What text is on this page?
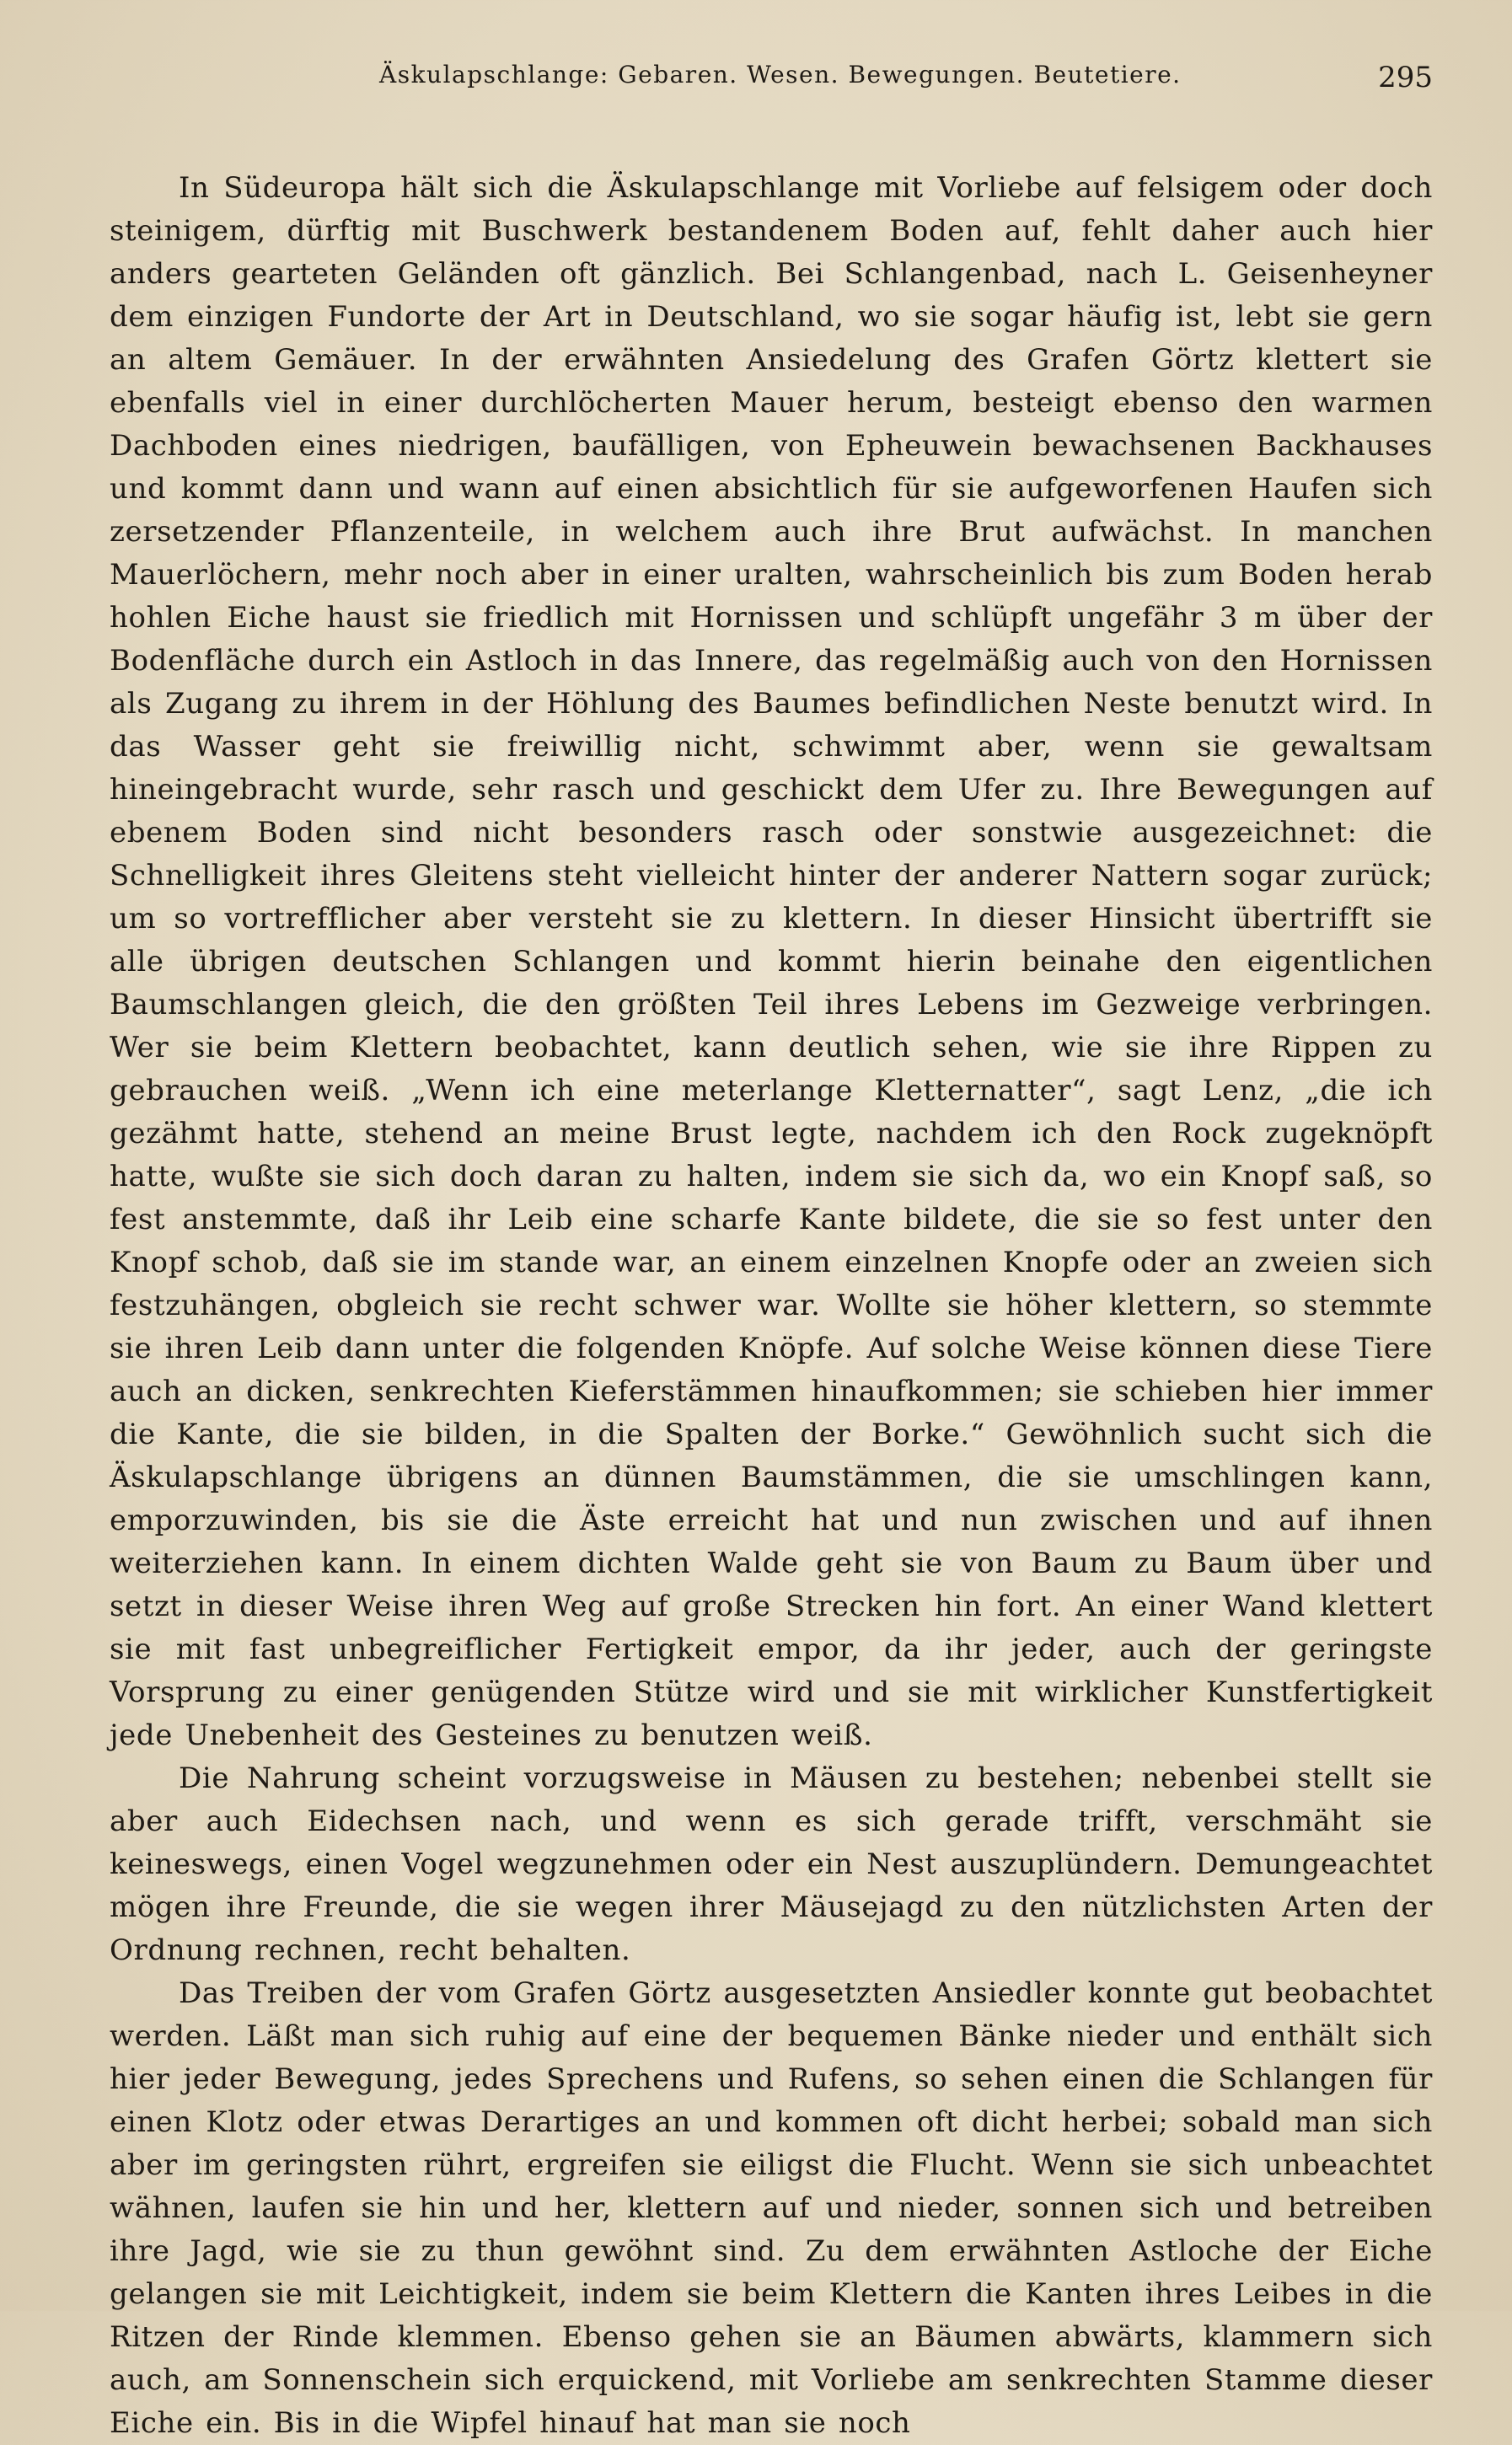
Äskulapschlange: Gebaren. Wesen. Bewegungen. Beutetiere.	295

In Südeuropa hält sich die Äskulapschlange mit Vorliebe auf felsigem oder doch steinigem, dürftig mit Buschwerk bestandenem Boden auf, fehlt daher auch hier anders gearteten Geländen oft gänzlich. Bei Schlangenbad, nach L. Geisenheyner dem einzigen Fundorte der Art in Deutschland, wo sie sogar häufig ist, lebt sie gern an altem Gemäuer. In der erwähnten Ansiedelung des Grafen Görtz klettert sie ebenfalls viel in einer durchlöcherten Mauer herum, besteigt ebenso den warmen Dachboden eines niedrigen, baufälligen, von Epheuwein bewachsenen Backhauses und kommt dann und wann auf einen absichtlich für sie aufgeworfenen Haufen sich zersetzender Pflanzenteile, in welchem auch ihre Brut aufwächst. In manchen Mauerlöchern, mehr noch aber in einer uralten, wahrscheinlich bis zum Boden herab hohlen Eiche haust sie friedlich mit Hornissen und schlüpft ungefähr 3 m über der Bodenfläche durch ein Astloch in das Innere, das regelmäßig auch von den Hornissen als Zugang zu ihrem in der Höhlung des Baumes befindlichen Neste benutzt wird. In das Wasser geht sie freiwillig nicht, schwimmt aber, wenn sie gewaltsam hineingebracht wurde, sehr rasch und geschickt dem Ufer zu. Ihre Bewegungen auf ebenem Boden sind nicht besonders rasch oder sonstwie ausgezeichnet: die Schnelligkeit ihres Gleitens steht vielleicht hinter der anderer Nattern sogar zurück; um so vortrefflicher aber versteht sie zu klettern. In dieser Hinsicht übertrifft sie alle übrigen deutschen Schlangen und kommt hierin beinahe den eigentlichen Baumschlangen gleich, die den größten Teil ihres Lebens im Gezweige verbringen. Wer sie beim Klettern beobachtet, kann deutlich sehen, wie sie ihre Rippen zu gebrauchen weiß. „Wenn ich eine meterlange Kletternatter“, sagt Lenz, „die ich gezähmt hatte, stehend an meine Brust legte, nachdem ich den Rock zugeknöpft hatte, wußte sie sich doch daran zu halten, indem sie sich da, wo ein Knopf saß, so fest anstemmte, daß ihr Leib eine scharfe Kante bildete, die sie so fest unter den Knopf schob, daß sie im stande war, an einem einzelnen Knopfe oder an zweien sich festzuhängen, obgleich sie recht schwer war. Wollte sie höher klettern, so stemmte sie ihren Leib dann unter die folgenden Knöpfe. Auf solche Weise können diese Tiere auch an dicken, senkrechten Kieferstämmen hinaufkommen; sie schieben hier immer die Kante, die sie bilden, in die Spalten der Borke.“ Gewöhnlich sucht sich die Äskulapschlange übrigens an dünnen Baumstämmen, die sie umschlingen kann, emporzuwinden, bis sie die Äste erreicht hat und nun zwischen und auf ihnen weiterziehen kann. In einem dichten Walde geht sie von Baum zu Baum über und setzt in dieser Weise ihren Weg auf große Strecken hin fort. An einer Wand klettert sie mit fast unbegreiflicher Fertigkeit empor, da ihr jeder, auch der geringste Vorsprung zu einer genügenden Stütze wird und sie mit wirklicher Kunstfertigkeit jede Unebenheit des Gesteines zu benutzen weiß.

Die Nahrung scheint vorzugsweise in Mäusen zu bestehen; nebenbei stellt sie aber auch Eidechsen nach, und wenn es sich gerade trifft, verschmäht sie keineswegs, einen Vogel wegzunehmen oder ein Nest auszuplündern. Demungeachtet mögen ihre Freunde, die sie wegen ihrer Mäusejagd zu den nützlichsten Arten der Ordnung rechnen, recht behalten.

Das Treiben der vom Grafen Görtz ausgesetzten Ansiedler konnte gut beobachtet werden. Läßt man sich ruhig auf eine der bequemen Bänke nieder und enthält sich hier jeder Bewegung, jedes Sprechens und Rufens, so sehen einen die Schlangen für einen Klotz oder etwas Derartiges an und kommen oft dicht herbei; sobald man sich aber im geringsten rührt, ergreifen sie eiligst die Flucht. Wenn sie sich unbeachtet wähnen, laufen sie hin und her, klettern auf und nieder, sonnen sich und betreiben ihre Jagd, wie sie zu thun gewöhnt sind. Zu dem erwähnten Astloche der Eiche gelangen sie mit Leichtigkeit, indem sie beim Klettern die Kanten ihres Leibes in die Ritzen der Rinde klemmen. Ebenso gehen sie an Bäumen abwärts, klammern sich auch, am Sonnenschein sich erquickend, mit Vorliebe am senkrechten Stamme dieser Eiche ein. Bis in die Wipfel hinauf hat man sie noch
